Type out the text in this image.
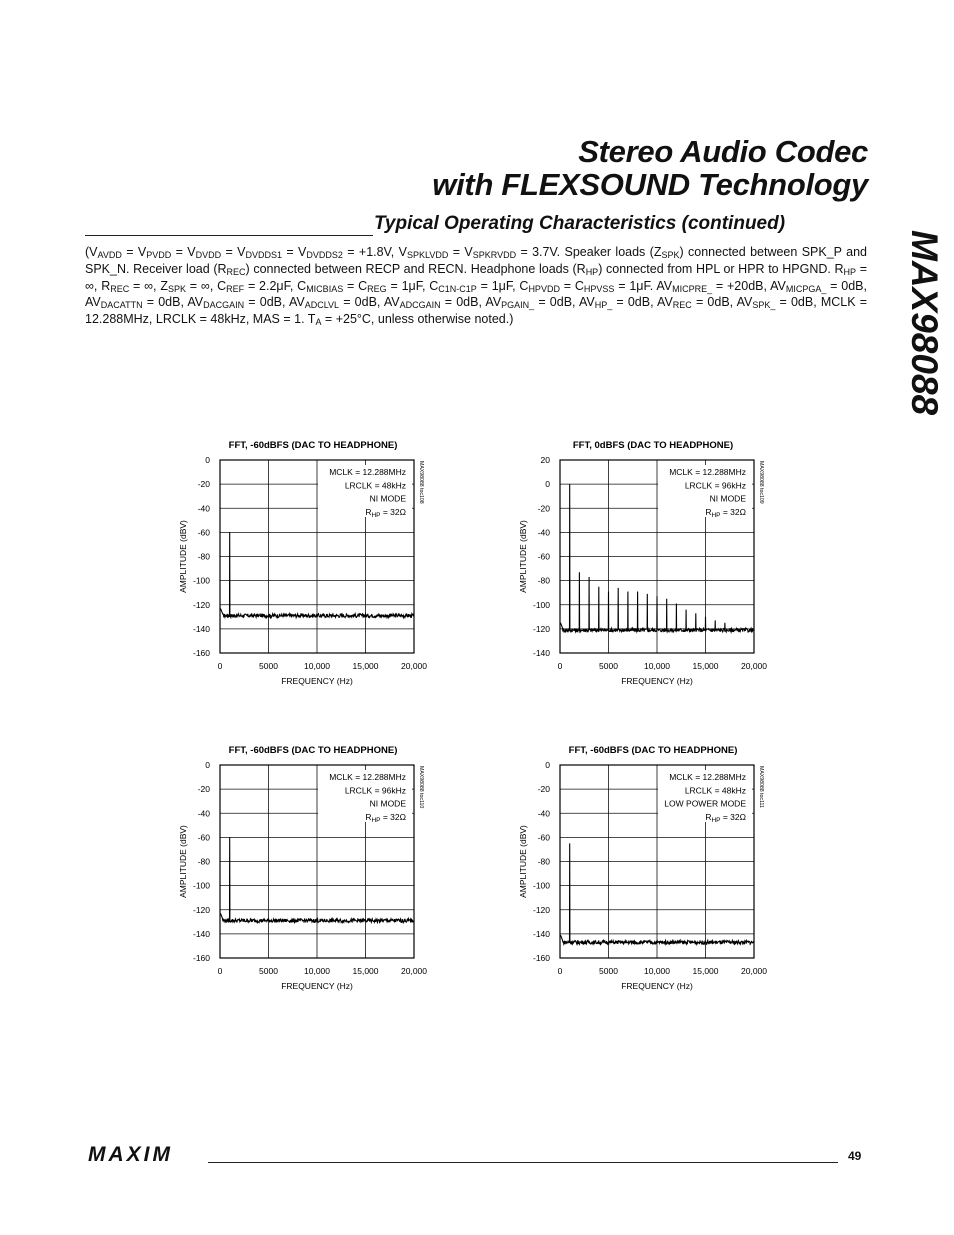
Stereo Audio Codec
with FLEXSOUND Technology
MAX98088
Typical Operating Characteristics (continued)
($V_{AVDD} = V_{PVDD} = V_{DVDD} = V_{DVDDS1} = V_{DVDDS2} = +1.8V$, $V_{SPKLVDD} = V_{SPKRVDD} = 3.7V$. Speaker loads $(Z_{SPK})$ connected between SPK_P and SPK_N. Receiver load $(R_{REC})$ connected between RECP and RECN. Headphone loads $(R_{HP})$ connected from HPL or HPR to HPGND. $R_{HP}$ = ∞, $R_{REC}$ = ∞, $Z_{SPK}$ = ∞, $C_{REF} = 2.2\mu F$, $C_{MICBIAS} = C_{REG} = 1\mu F$, $C_{C1N-C1P} = 1\mu F$, $C_{HPVDD} = C_{HPVSS} = 1\mu F$. $AV_{MICPRE\_} = +20dB$, $AV_{MICPGA\_} = 0dB$, $AV_{DACATTN} = 0dB$, $AV_{DACGAIN} = 0dB$, $AV_{ADCLVL} = 0dB$, $AV_{ADCGAIN} = 0dB$, $AV_{PGAIN\_} = 0dB$, $AV_{HP\_} = 0dB$, $AV_{REC} = 0dB$, $AV_{SPK\_} = 0dB$, MCLK = 12.288MHz, LRCLK = 48kHz, MAS = 1. $T_A = +25^\circ C$, unless otherwise noted.)
FFT, -60dBFS (DAC TO HEADPHONE)
0
-20
-40
-60
-80
-100
-120
-140
-160
0	5000	10,000	15,000	20,000
FREQUENCY (Hz)
AMPLITUDE (dBV)
MCLK = 12.288MHz
LRCLK = 48kHz
NI MODE
$R_{HP} = 32\Omega$
MAX98088 toc108
FFT, 0dBFS (DAC TO HEADPHONE)
20
0
-20
-40
-60
-80
-100
-120
-140
0	5000	10,000	15,000	20,000
FREQUENCY (Hz)
AMPLITUDE (dBV)
MCLK = 12.288MHz
LRCLK = 96kHz
NI MODE
$R_{HP} = 32\Omega$
MAX98088 toc109
FFT, -60dBFS (DAC TO HEADPHONE)
0
-20
-40
-60
-80
-100
-120
-140
-160
0	5000	10,000	15,000	20,000
FREQUENCY (Hz)
AMPLITUDE (dBV)
MCLK = 12.288MHz
LRCLK = 96kHz
NI MODE
$R_{HP} = 32\Omega$
MAX98088 toc110
FFT, -60dBFS (DAC TO HEADPHONE)
0
-20
-40
-60
-80
-100
-120
-140
-160
0	5000	10,000	15,000	20,000
FREQUENCY (Hz)
AMPLITUDE (dBV)
MCLK = 12.288MHz
LRCLK = 48kHz
LOW POWER MODE
$R_{HP} = 32\Omega$
MAX98088 toc111
MAXIM	49
